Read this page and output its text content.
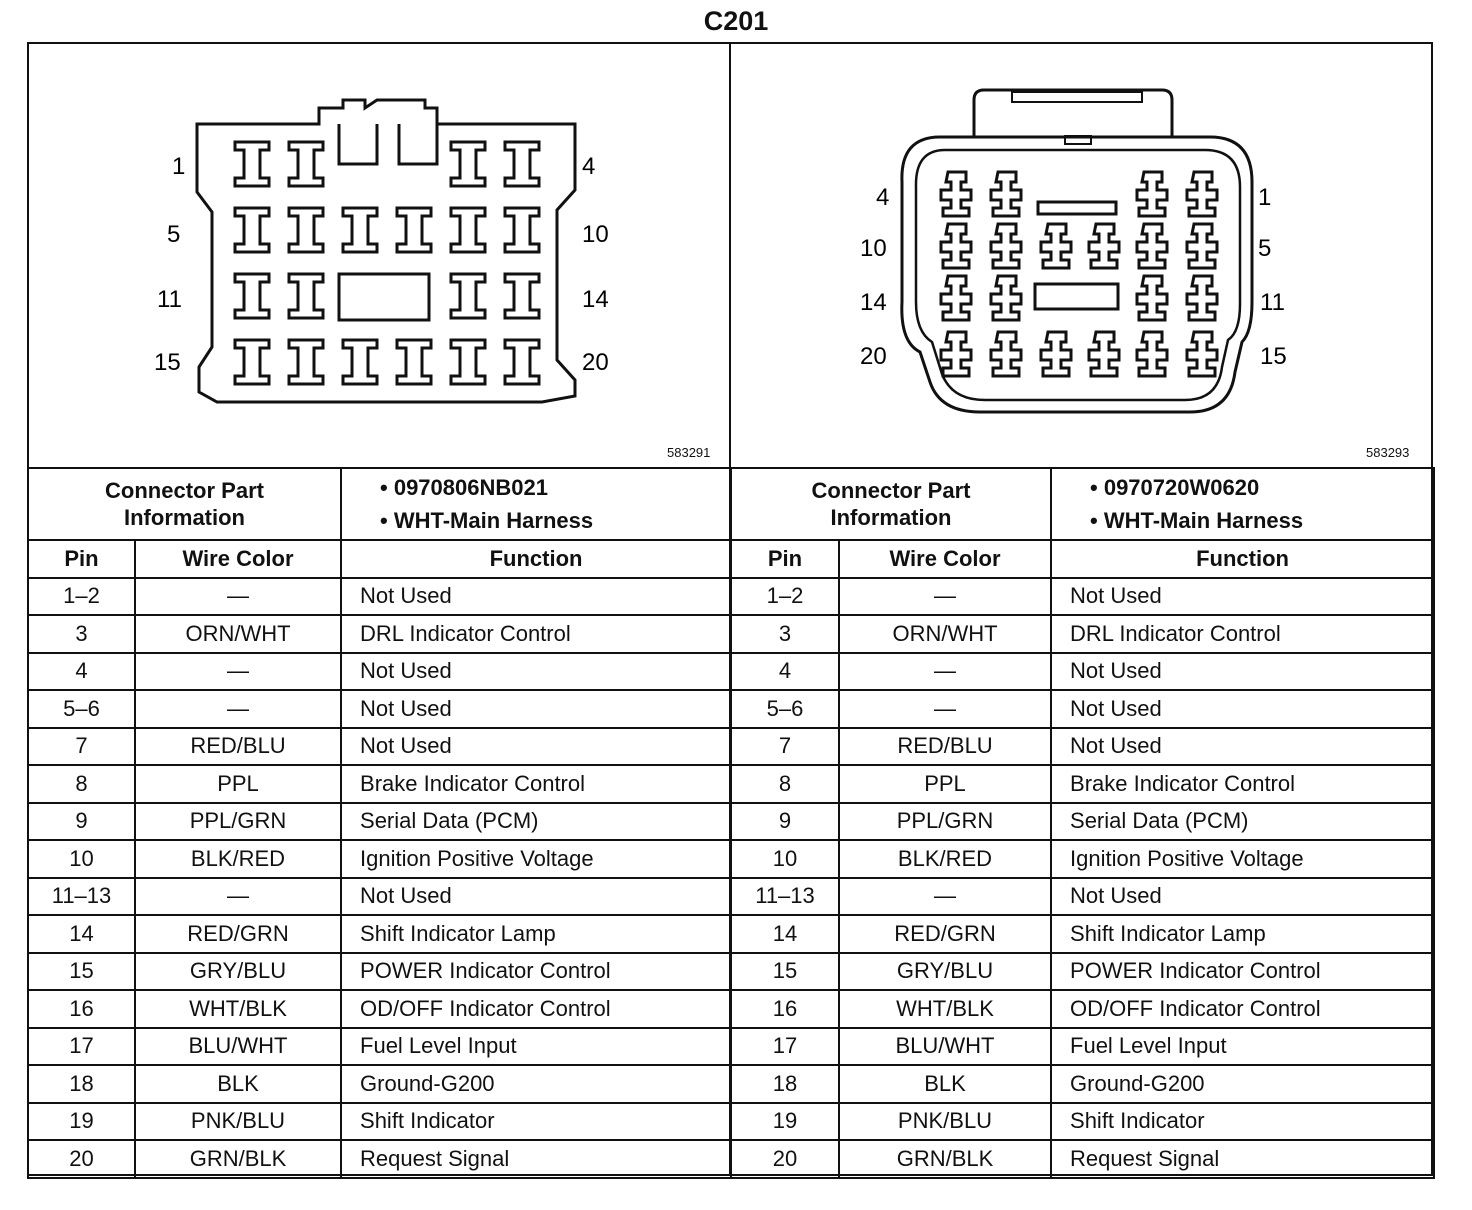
C201
1	4
5	10
11	14
15	20
583291
Connector Part
Information		• 0970806NB021
• WHT-Main Harness
Pin	Wire Color	Function
1–2	—	Not Used
3	ORN/WHT	DRL Indicator Control
4	—	Not Used
5–6	—	Not Used
7	RED/BLU	Not Used
8	PPL	Brake Indicator Control
9	PPL/GRN	Serial Data (PCM)
10	BLK/RED	Ignition Positive Voltage
11–13	—	Not Used
14	RED/GRN	Shift Indicator Lamp
15	GRY/BLU	POWER Indicator Control
16	WHT/BLK	OD/OFF Indicator Control
17	BLU/WHT	Fuel Level Input
18	BLK	Ground-G200
19	PNK/BLU	Shift Indicator
20	GRN/BLK	Request Signal
4	1
10	5
14	11
20	15
583293
Connector Part
Information		• 0970720W0620
• WHT-Main Harness
Pin	Wire Color	Function
1–2	—	Not Used
3	ORN/WHT	DRL Indicator Control
4	—	Not Used
5–6	—	Not Used
7	RED/BLU	Not Used
8	PPL	Brake Indicator Control
9	PPL/GRN	Serial Data (PCM)
10	BLK/RED	Ignition Positive Voltage
11–13	—	Not Used
14	RED/GRN	Shift Indicator Lamp
15	GRY/BLU	POWER Indicator Control
16	WHT/BLK	OD/OFF Indicator Control
17	BLU/WHT	Fuel Level Input
18	BLK	Ground-G200
19	PNK/BLU	Shift Indicator
20	GRN/BLK	Request Signal
